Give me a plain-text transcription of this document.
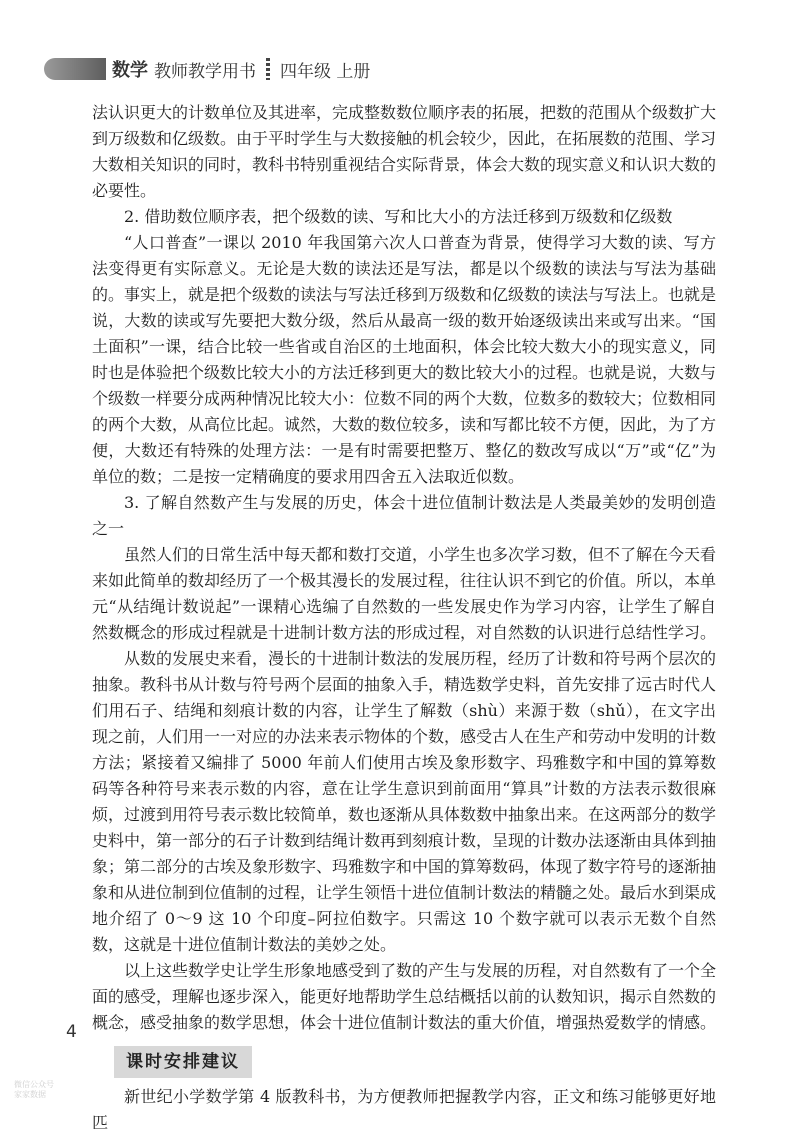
数学 教师教学用书 四年级 上册

法认识更大的计数单位及其进率，完成整数数位顺序表的拓展，把数的范围从个级数扩大到万级数和亿级数。由于平时学生与大数接触的机会较少，因此，在拓展数的范围、学习大数相关知识的同时，教科书特别重视结合实际背景，体会大数的现实意义和认识大数的必要性。

2. 借助数位顺序表，把个级数的读、写和比大小的方法迁移到万级数和亿级数

“人口普查”一课以 2010 年我国第六次人口普查为背景，使得学习大数的读、写方法变得更有实际意义。无论是大数的读法还是写法，都是以个级数的读法与写法为基础的。事实上，就是把个级数的读法与写法迁移到万级数和亿级数的读法与写法上。也就是说，大数的读或写先要把大数分级，然后从最高一级的数开始逐级读出来或写出来。“国土面积”一课，结合比较一些省或自治区的土地面积，体会比较大数大小的现实意义，同时也是体验把个级数比较大小的方法迁移到更大的数比较大小的过程。也就是说，大数与个级数一样要分成两种情况比较大小：位数不同的两个大数，位数多的数较大；位数相同的两个大数，从高位比起。诚然，大数的数位较多，读和写都比较不方便，因此，为了方便，大数还有特殊的处理方法：一是有时需要把整万、整亿的数改写成以“万”或“亿”为单位的数；二是按一定精确度的要求用四舍五入法取近似数。

3. 了解自然数产生与发展的历史，体会十进位值制计数法是人类最美妙的发明创造之一

虽然人们的日常生活中每天都和数打交道，小学生也多次学习数，但不了解在今天看来如此简单的数却经历了一个极其漫长的发展过程，往往认识不到它的价值。所以，本单元“从结绳计数说起”一课精心选编了自然数的一些发展史作为学习内容，让学生了解自然数概念的形成过程就是十进制计数方法的形成过程，对自然数的认识进行总结性学习。

从数的发展史来看，漫长的十进制计数法的发展历程，经历了计数和符号两个层次的抽象。教科书从计数与符号两个层面的抽象入手，精选数学史料，首先安排了远古时代人们用石子、结绳和刻痕计数的内容，让学生了解数（shù）来源于数（shǔ），在文字出现之前，人们用一一对应的办法来表示物体的个数，感受古人在生产和劳动中发明的计数方法；紧接着又编排了 5000 年前人们使用古埃及象形数字、玛雅数字和中国的算筹数码等各种符号来表示数的内容，意在让学生意识到前面用“算具”计数的方法表示数很麻烦，过渡到用符号表示数比较简单，数也逐渐从具体数数中抽象出来。在这两部分的数学史料中，第一部分的石子计数到结绳计数再到刻痕计数，呈现的计数办法逐渐由具体到抽象；第二部分的古埃及象形数字、玛雅数字和中国的算筹数码，体现了数字符号的逐渐抽象和从进位制到位值制的过程，让学生领悟十进位值制计数法的精髓之处。最后水到渠成地介绍了 0～9 这 10 个印度–阿拉伯数字。只需这 10 个数字就可以表示无数个自然数，这就是十进位值制计数法的美妙之处。

以上这些数学史让学生形象地感受到了数的产生与发展的历程，对自然数有了一个全面的感受，理解也逐步深入，能更好地帮助学生总结概括以前的认数知识，揭示自然数的概念，感受抽象的数学思想，体会十进位值制计数法的重大价值，增强热爱数学的情感。

课时安排建议

新世纪小学数学第 4 版教科书，为方便教师把握教学内容，正文和练习能够更好地匹

4
微信公众号
家家数据
